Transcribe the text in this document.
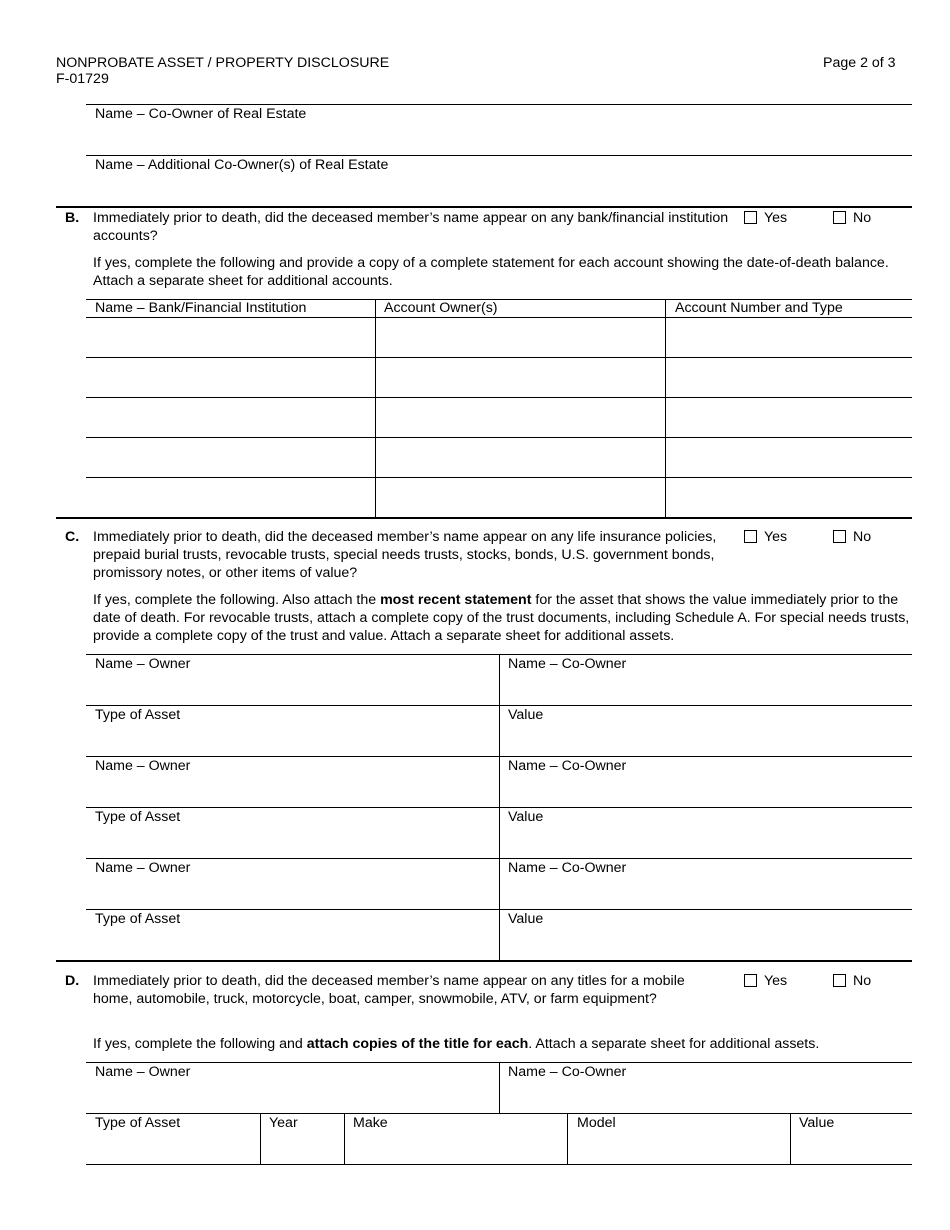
NONPROBATE ASSET / PROPERTY DISCLOSURE
F-01729
Page 2 of 3
Name – Co-Owner of Real Estate
Name – Additional Co-Owner(s) of Real Estate
B. Immediately prior to death, did the deceased member’s name appear on any bank/financial institution accounts?
Yes	No
If yes, complete the following and provide a copy of a complete statement for each account showing the date-of-death balance. Attach a separate sheet for additional accounts.
Name – Bank/Financial Institution	Account Owner(s)	Account Number and Type
C. Immediately prior to death, did the deceased member’s name appear on any life insurance policies, prepaid burial trusts, revocable trusts, special needs trusts, stocks, bonds, U.S. government bonds, promissory notes, or other items of value?
Yes	No
If yes, complete the following. Also attach the most recent statement for the asset that shows the value immediately prior to the date of death. For revocable trusts, attach a complete copy of the trust documents, including Schedule A. For special needs trusts, provide a complete copy of the trust and value. Attach a separate sheet for additional assets.
Name – Owner	Name – Co-Owner
Type of Asset	Value
Name – Owner	Name – Co-Owner
Type of Asset	Value
Name – Owner	Name – Co-Owner
Type of Asset	Value
D. Immediately prior to death, did the deceased member’s name appear on any titles for a mobile home, automobile, truck, motorcycle, boat, camper, snowmobile, ATV, or farm equipment?
Yes	No
If yes, complete the following and attach copies of the title for each. Attach a separate sheet for additional assets.
Name – Owner	Name – Co-Owner
Type of Asset	Year	Make	Model	Value
